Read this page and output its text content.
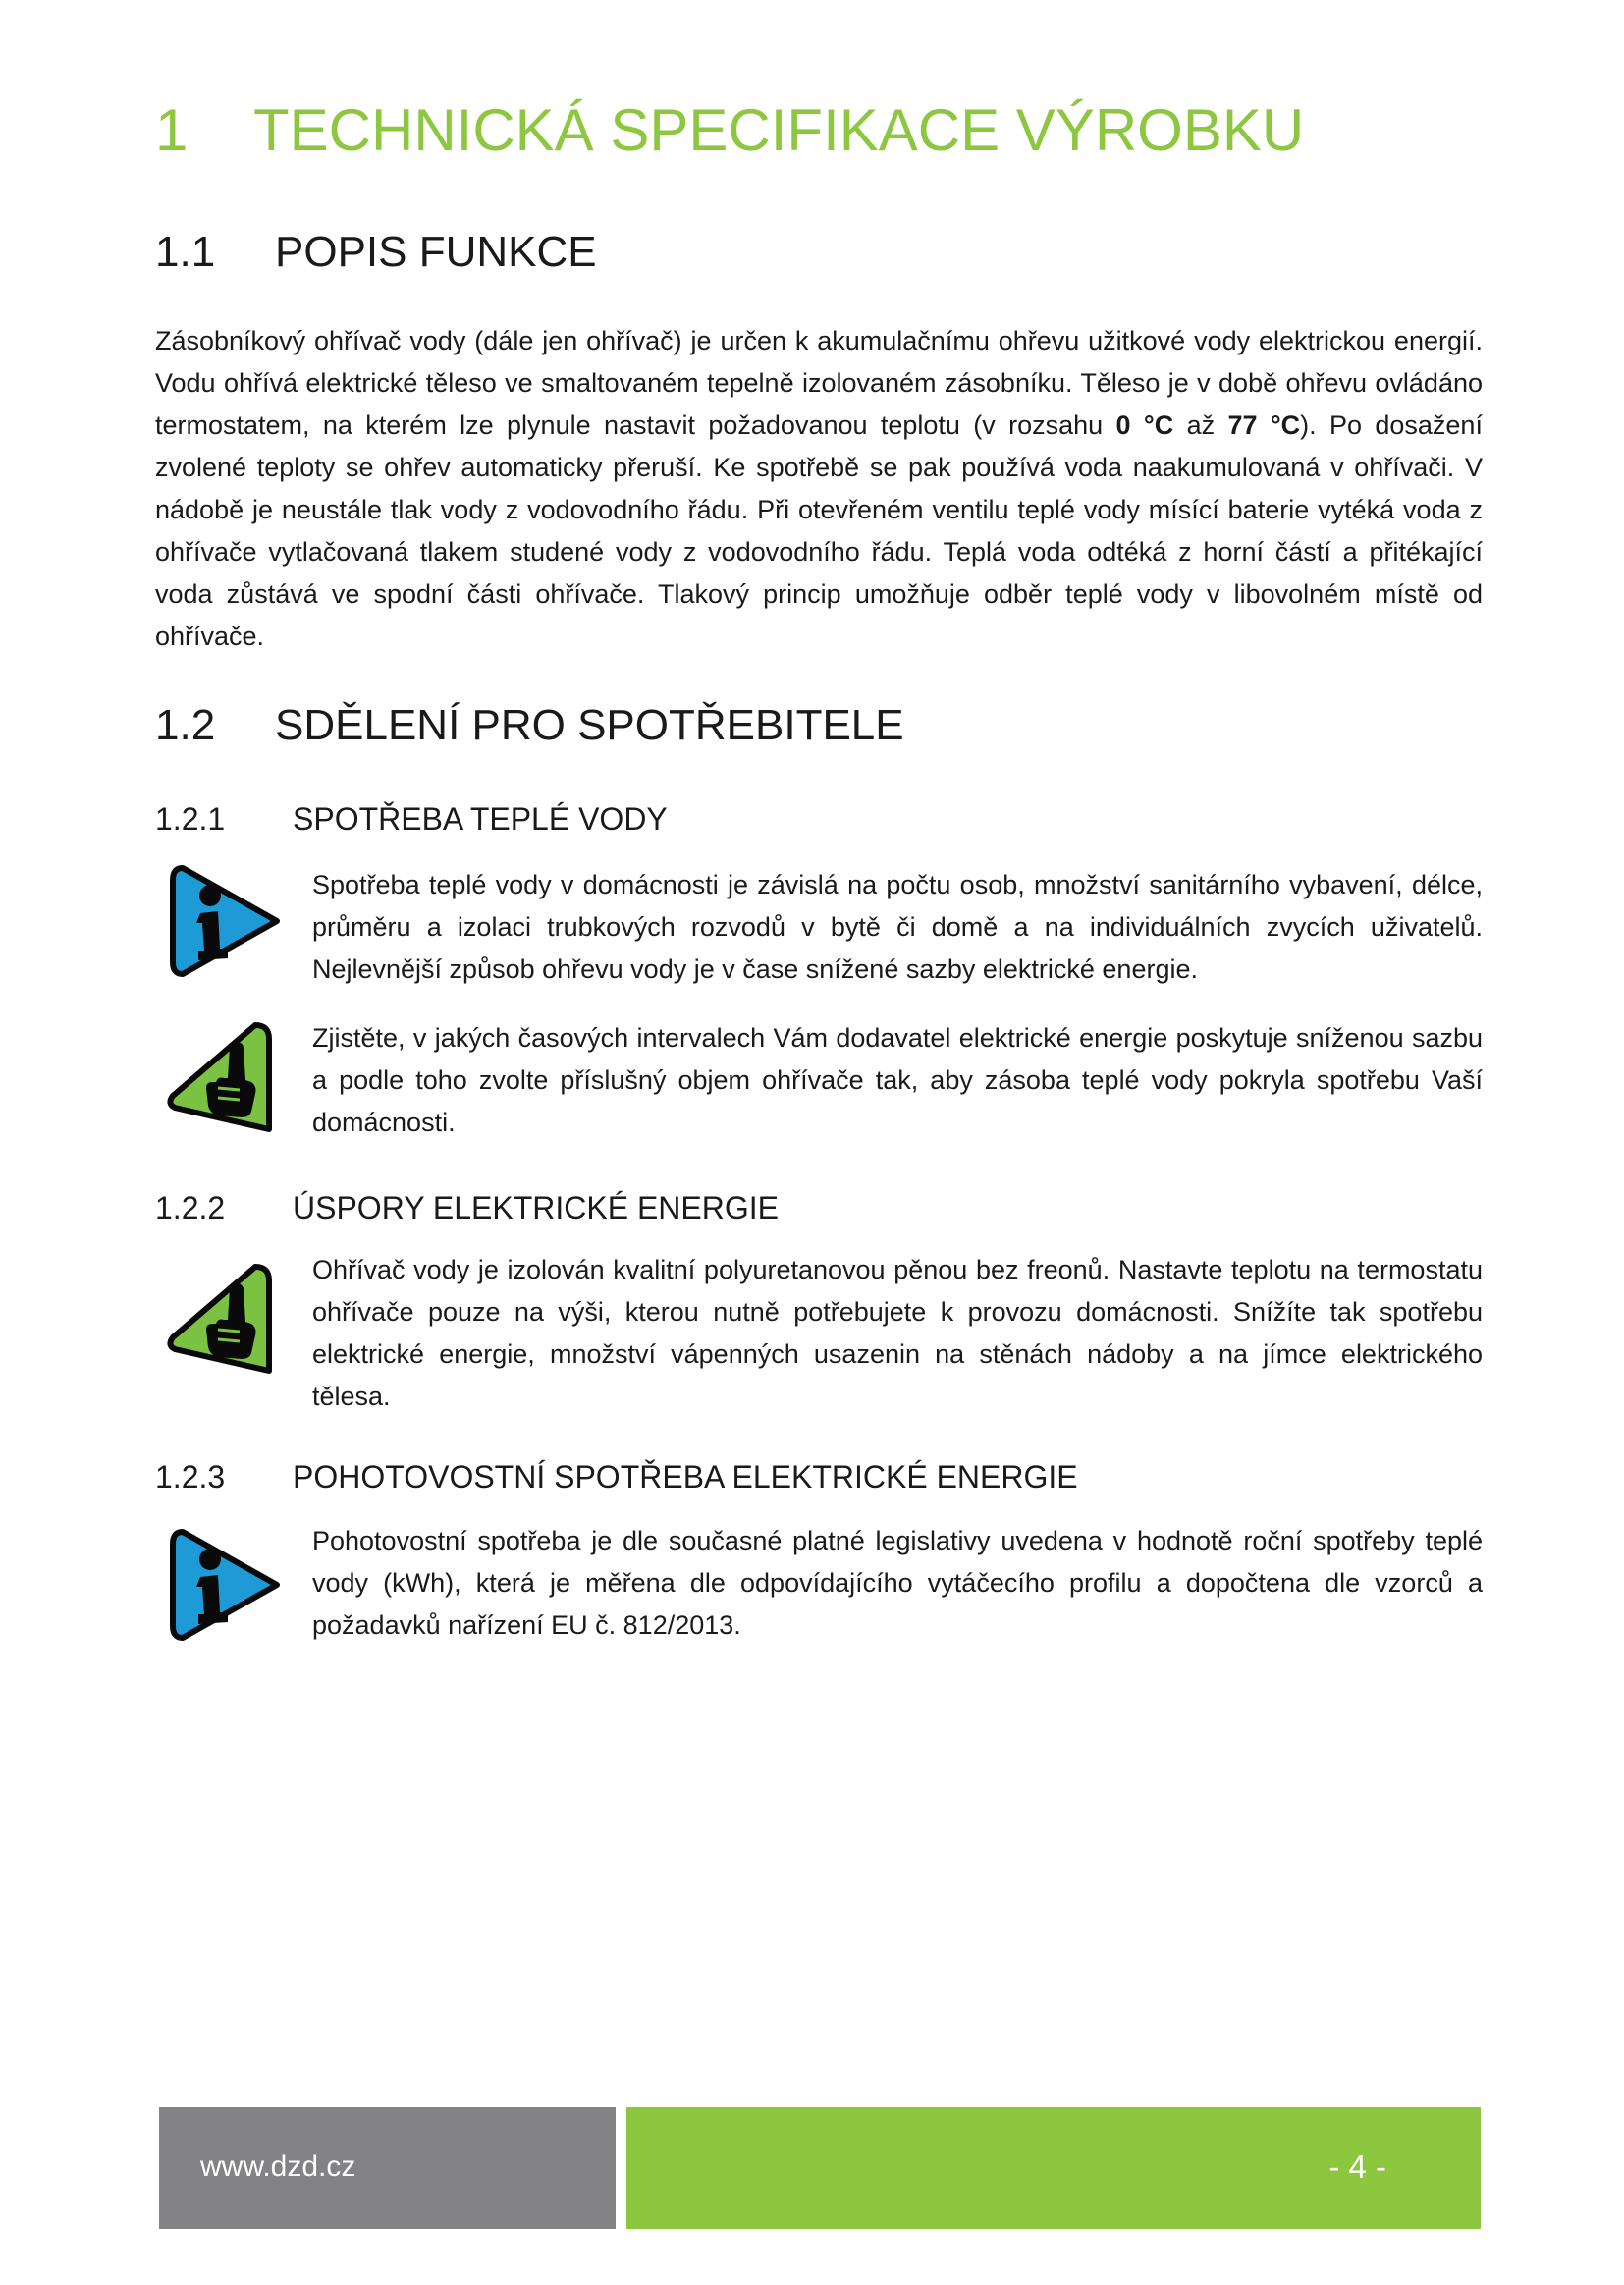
1 TECHNICKÁ SPECIFIKACE VÝROBKU
1.1 POPIS FUNKCE
Zásobníkový ohřívač vody (dále jen ohřívač) je určen k akumulačnímu ohřevu užitkové vody elektrickou energií. Vodu ohřívá elektrické těleso ve smaltovaném tepelně izolovaném zásobníku. Těleso je v době ohřevu ovládáno termostatem, na kterém lze plynule nastavit požadovanou teplotu (v rozsahu 0 °C až 77 °C). Po dosažení zvolené teploty se ohřev automaticky přeruší. Ke spotřebě se pak používá voda naakumulovaná v ohřívači. V nádobě je neustále tlak vody z vodovodního řádu. Při otevřeném ventilu teplé vody mísící baterie vytéká voda z ohřívače vytlačovaná tlakem studené vody z vodovodního řádu. Teplá voda odtéká z horní částí a přitékající voda zůstává ve spodní části ohřívače. Tlakový princip umožňuje odběr teplé vody v libovolném místě od ohřívače.
1.2 SDĚLENÍ PRO SPOTŘEBITELE
1.2.1 SPOTŘEBA TEPLÉ VODY
Spotřeba teplé vody v domácnosti je závislá na počtu osob, množství sanitárního vybavení, délce, průměru a izolaci trubkových rozvodů v bytě či domě a na individuálních zvycích uživatelů. Nejlevnější způsob ohřevu vody je v čase snížené sazby elektrické energie.
Zjistěte, v jakých časových intervalech Vám dodavatel elektrické energie poskytuje sníženou sazbu a podle toho zvolte příslušný objem ohřívače tak, aby zásoba teplé vody pokryla spotřebu Vaší domácnosti.
1.2.2 ÚSPORY ELEKTRICKÉ ENERGIE
Ohřívač vody je izolován kvalitní polyuretanovou pěnou bez freonů. Nastavte teplotu na termostatu ohřívače pouze na výši, kterou nutně potřebujete k provozu domácnosti. Snížíte tak spotřebu elektrické energie, množství vápenných usazenin na stěnách nádoby a na jímce elektrického tělesa.
1.2.3 POHOTOVOSTNÍ SPOTŘEBA ELEKTRICKÉ ENERGIE
Pohotovostní spotřeba je dle současné platné legislativy uvedena v hodnotě roční spotřeby teplé vody (kWh), která je měřena dle odpovídajícího vytáčecího profilu a dopočtena dle vzorců a požadavků nařízení EU č. 812/2013.
www.dzd.cz	- 4 -
